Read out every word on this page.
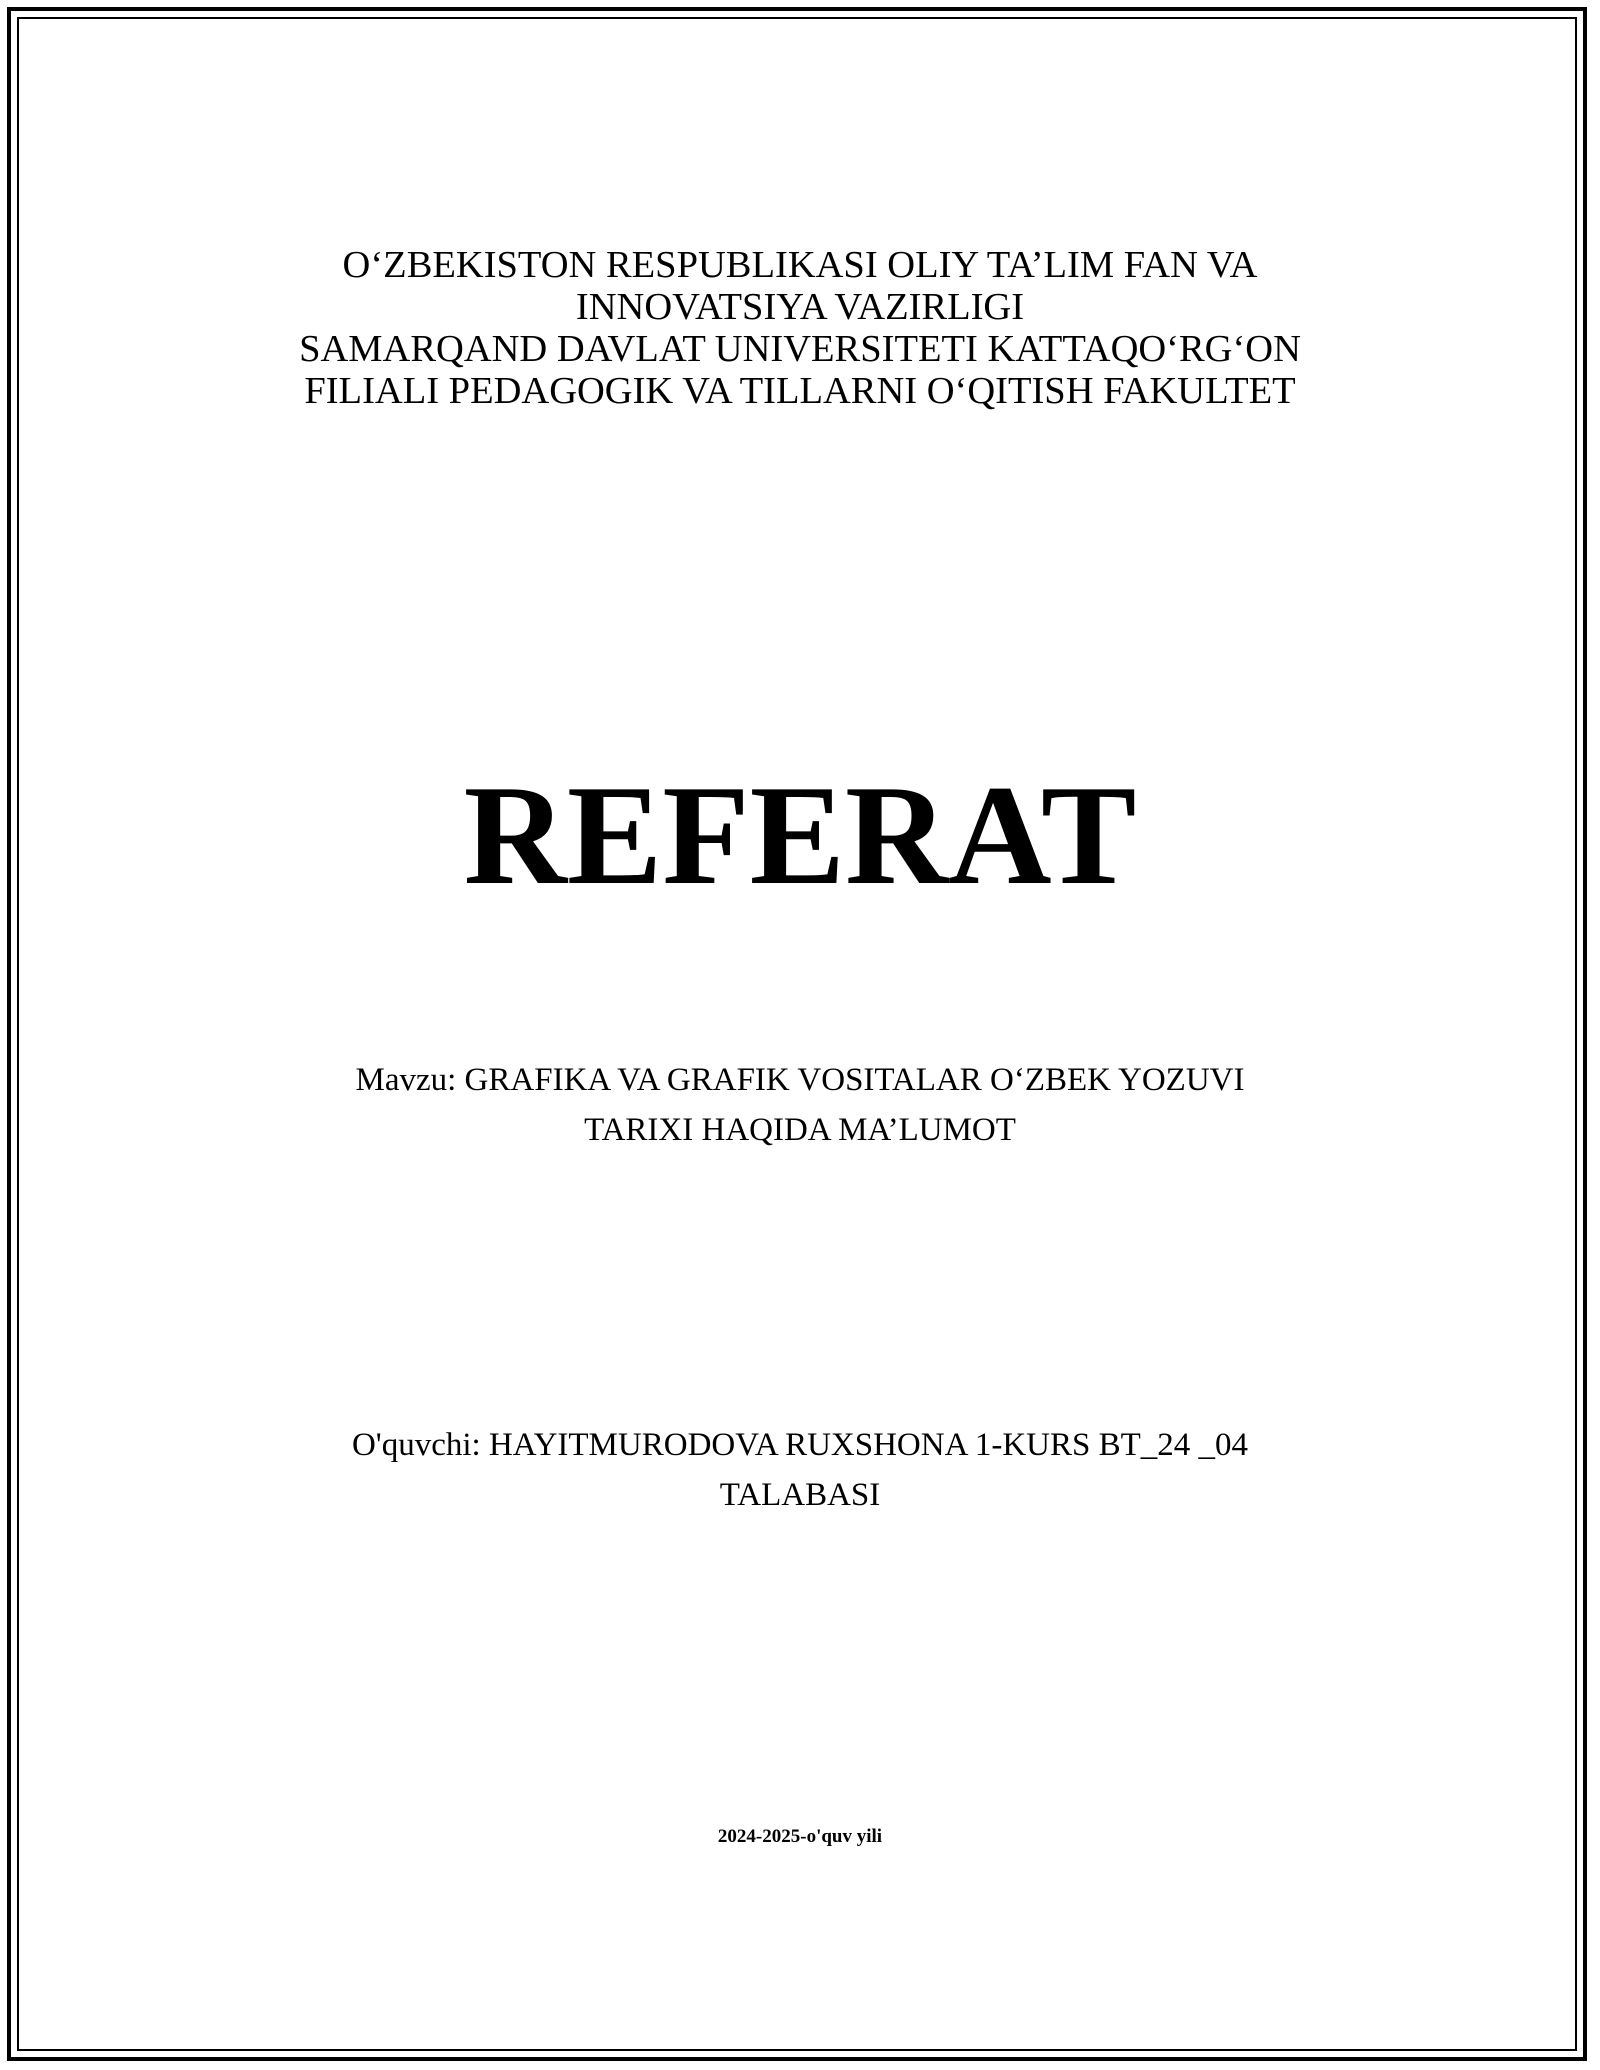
O‘ZBEKISTON RESPUBLIKASI OLIY TA’LIM FAN VA
INNOVATSIYA VAZIRLIGI
SAMARQAND DAVLAT UNIVERSITETI KATTAQO‘RG‘ON
FILIALI PEDAGOGIK VA TILLARNI O‘QITISH FAKULTET
REFERAT
Mavzu: GRAFIKA VA GRAFIK VOSITALAR O‘ZBEK YOZUVI
TARIXI HAQIDA MA’LUMOT
O'quvchi: HAYITMURODOVA RUXSHONA 1-KURS BT_24 _04
TALABASI
2024-2025-o'quv yili
